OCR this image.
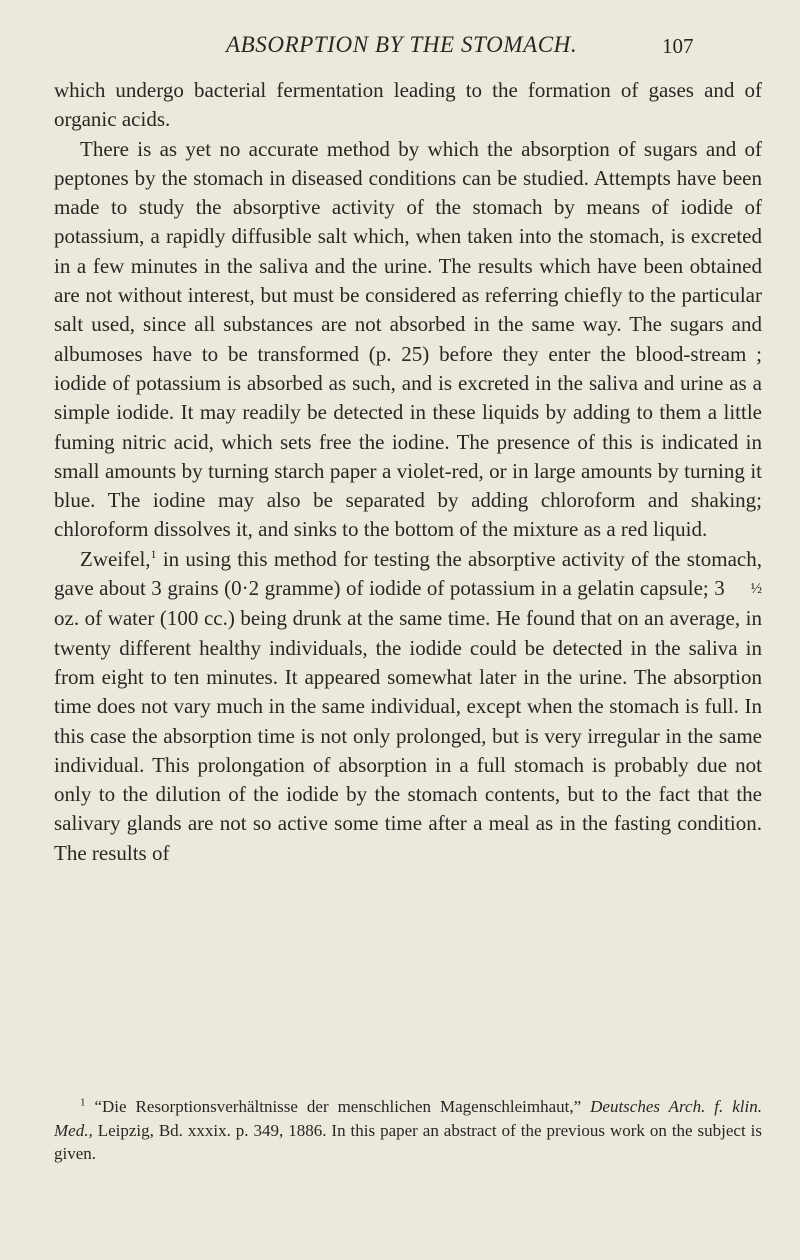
ABSORPTION BY THE STOMACH.	107

which undergo bacterial fermentation leading to the formation of gases and of organic acids.

There is as yet no accurate method by which the absorption of sugars and of peptones by the stomach in diseased conditions can be studied. Attempts have been made to study the absorptive activity of the stomach by means of iodide of potassium, a rapidly diffusible salt which, when taken into the stomach, is excreted in a few minutes in the saliva and the urine. The results which have been obtained are not without interest, but must be considered as referring chiefly to the particular salt used, since all substances are not absorbed in the same way. The sugars and albumoses have to be transformed (p. 25) before they enter the blood-stream ; iodide of potassium is absorbed as such, and is excreted in the saliva and urine as a simple iodide. It may readily be detected in these liquids by adding to them a little fuming nitric acid, which sets free the iodine. The presence of this is indicated in small amounts by turning starch paper a violet-red, or in large amounts by turning it blue. The iodine may also be separated by adding chloroform and shaking; chloroform dissolves it, and sinks to the bottom of the mixture as a red liquid.

Zweifel,$^1$ in using this method for testing the absorptive activity of the stomach, gave about 3 grains (0·2 gramme) of iodide of potassium in a gelatin capsule; 3 ½ oz. of water (100 cc.) being drunk at the same time. He found that on an average, in twenty different healthy individuals, the iodide could be detected in the saliva in from eight to ten minutes. It appeared somewhat later in the urine. The absorption time does not vary much in the same individual, except when the stomach is full. In this case the absorption time is not only prolonged, but is very irregular in the same individual. This prolongation of absorption in a full stomach is probably due not only to the dilution of the iodide by the stomach contents, but to the fact that the salivary glands are not so active some time after a meal as in the fasting condition. The results of

$^1$ “Die Resorptionsverhältnisse der menschlichen Magenschleimhaut,” Deutsches Arch. f. klin. Med., Leipzig, Bd. xxxix. p. 349, 1886. In this paper an abstract of the previous work on the subject is given.
